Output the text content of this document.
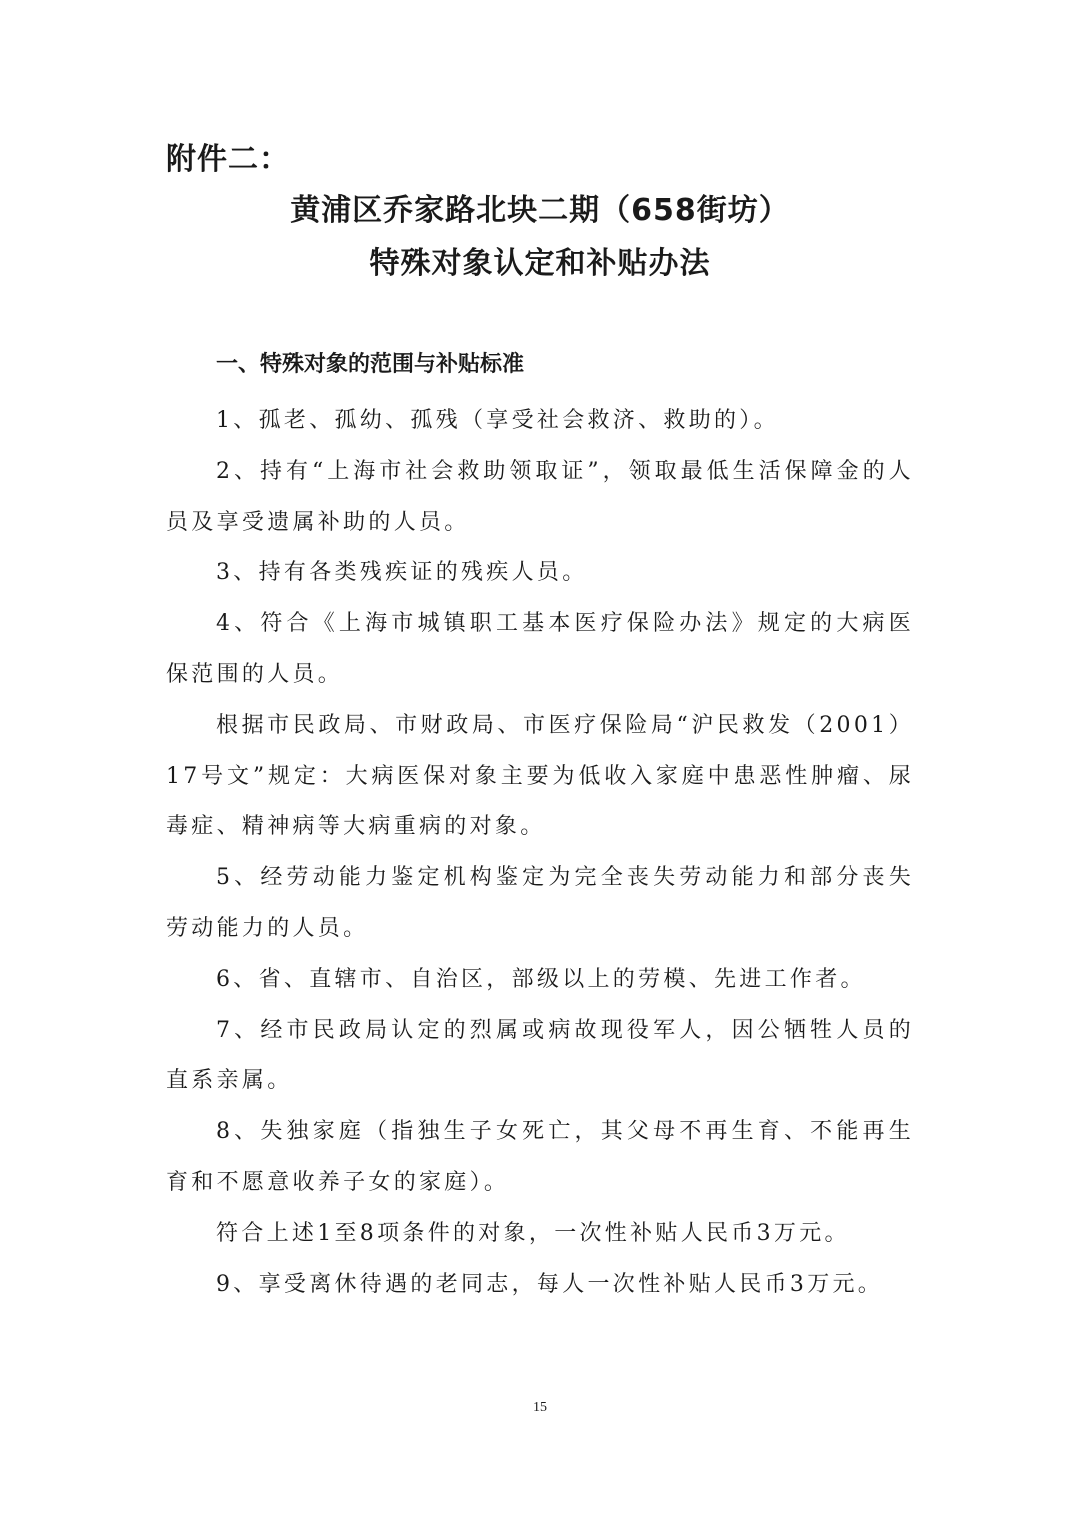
附件二：

黄浦区乔家路北块二期（658街坊）
特殊对象认定和补贴办法
一、特殊对象的范围与补贴标准

1、孤老、孤幼、孤残（享受社会救济、救助的）。

2、持有“上海市社会救助领取证”，领取最低生活保障金的人员及享受遗属补助的人员。

3、持有各类残疾证的残疾人员。

4、符合《上海市城镇职工基本医疗保险办法》规定的大病医保范围的人员。

根据市民政局、市财政局、市医疗保险局“沪民救发（2001）17号文”规定：大病医保对象主要为低收入家庭中患恶性肿瘤、尿毒症、精神病等大病重病的对象。

5、经劳动能力鉴定机构鉴定为完全丧失劳动能力和部分丧失劳动能力的人员。

6、省、直辖市、自治区，部级以上的劳模、先进工作者。

7、经市民政局认定的烈属或病故现役军人，因公牺牲人员的直系亲属。

8、失独家庭（指独生子女死亡，其父母不再生育、不能再生育和不愿意收养子女的家庭）。

符合上述1至8项条件的对象，一次性补贴人民币3万元。

9、享受离休待遇的老同志，每人一次性补贴人民币3万元。

15
